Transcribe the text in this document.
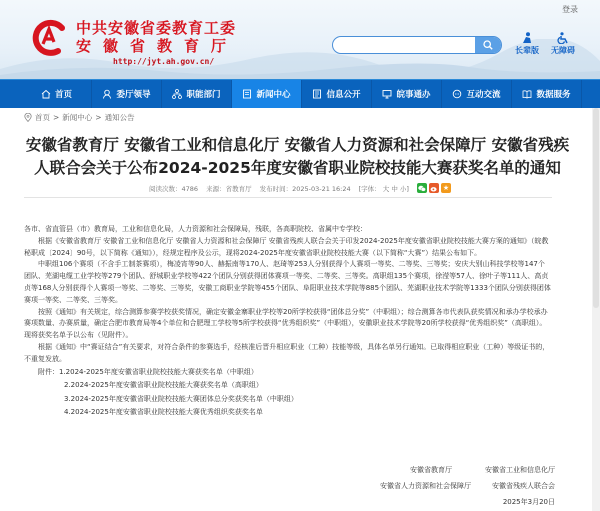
中共安徽省委教育工委
安徽省教育厅
http://jyt.ah.gov.cn/
登录
长辈版	无障碍
首页	委厅领导	职能部门	新闻中心	信息公开	皖事通办	互动交流	数据服务
首页 > 新闻中心 > 通知公告
安徽省教育厅 安徽省工业和信息化厅 安徽省人力资源和社会保障厅 安徽省残疾人联合会关于公布2024-2025年度安徽省职业院校技能大赛获奖名单的通知
阅读次数：4786 来源：省教育厅 发布时间：2025-03-21 16:24 [字体： 大 中 小]	★

各市、省直管县（市）教育局，工业和信息化局，人力资源和社会保障局，残联，各高职院校、省属中专学校：

根据《安徽省教育厅 安徽省工业和信息化厅 安徽省人力资源和社会保障厅 安徽省残疾人联合会关于印发2024-2025年度安徽省职业院校技能大赛方案的通知》（皖教秘职成〔2024〕90号，以下简称《通知》），经规定程序及公示，现将2024-2025年度安徽省职业院校技能大赛（以下简称“大赛”）结果公布如下。

中职组106个赛项（不含手工制茶赛项），梅凌宵等90人、赫振南等170人、赵琦等253人分别获得个人赛项一等奖、二等奖、三等奖；安庆大别山科技学校等147个团队、芜湖电缆工业学校等279个团队、舒城职业学校等422个团队分别获得团体赛项一等奖、二等奖、三等奖。高职组135个赛项，徐滢等57人、徐叶子等111人、高贞贞等168人分别获得个人赛项一等奖、二等奖、三等奖，安徽工商职业学院等455个团队、阜阳职业技术学院等885个团队、芜湖职业技术学院等1333个团队分别获得团体赛项一等奖、二等奖、三等奖。

按照《通知》有关规定，综合测算参赛学校获奖情况，确定安徽金寨职业学校等20所学校获得“团体总分奖”（中职组）；综合测算各市代表队获奖情况和承办学校承办赛项数量、办赛质量，确定合肥市教育局等4个单位和合肥理工学校等5所学校获得“优秀组织奖”（中职组），安徽职业技术学院等20所学校获得“优秀组织奖”（高职组）。现将获奖名单予以公布（见附件）。

根据《通知》中“赛证结合”有关要求，对符合条件的参赛选手，经核准后晋升相应职业（工种）技能等级，具体名单另行通知。已取得相应职业（工种）等级证书的，不重复发放。

附件：1.2024-2025年度安徽省职业院校技能大赛获奖名单（中职组）
2.2024-2025年度安徽省职业院校技能大赛获奖名单（高职组）
3.2024-2025年度安徽省职业院校技能大赛团体总分奖获奖名单（中职组）
4.2024-2025年度安徽省职业院校技能大赛优秀组织奖获奖名单
安徽省教育厅	安徽省工业和信息化厅
安徽省人力资源和社会保障厅	安徽省残疾人联合会
2025年3月20日
